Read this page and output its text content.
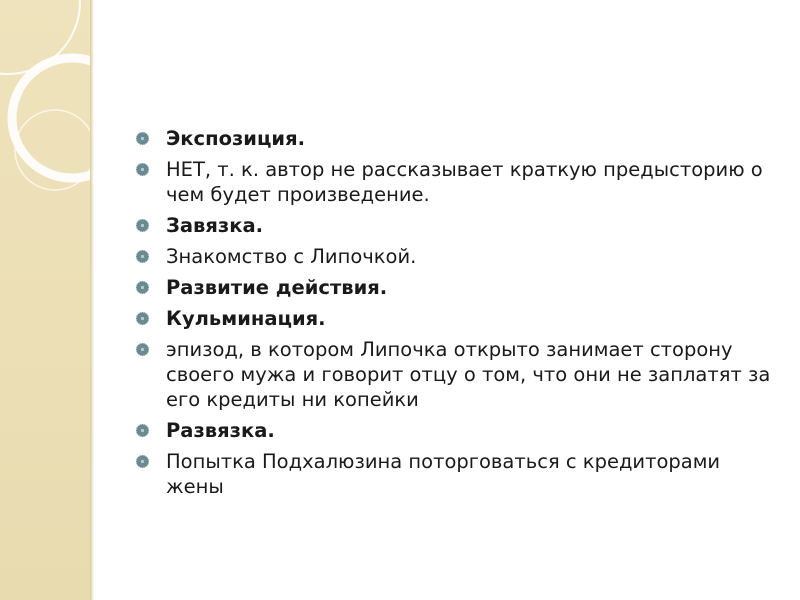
Экспозиция.
НЕТ, т. к. автор не рассказывает краткую предысторию о чем будет произведение.
Завязка.
Знакомство с Липочкой.
Развитие действия.
Кульминация.
эпизод, в котором Липочка открыто занимает сторону своего мужа и говорит отцу о том, что они не заплатят за его кредиты ни копейки
Развязка.
Попытка Подхалюзина поторговаться с кредиторами жены
